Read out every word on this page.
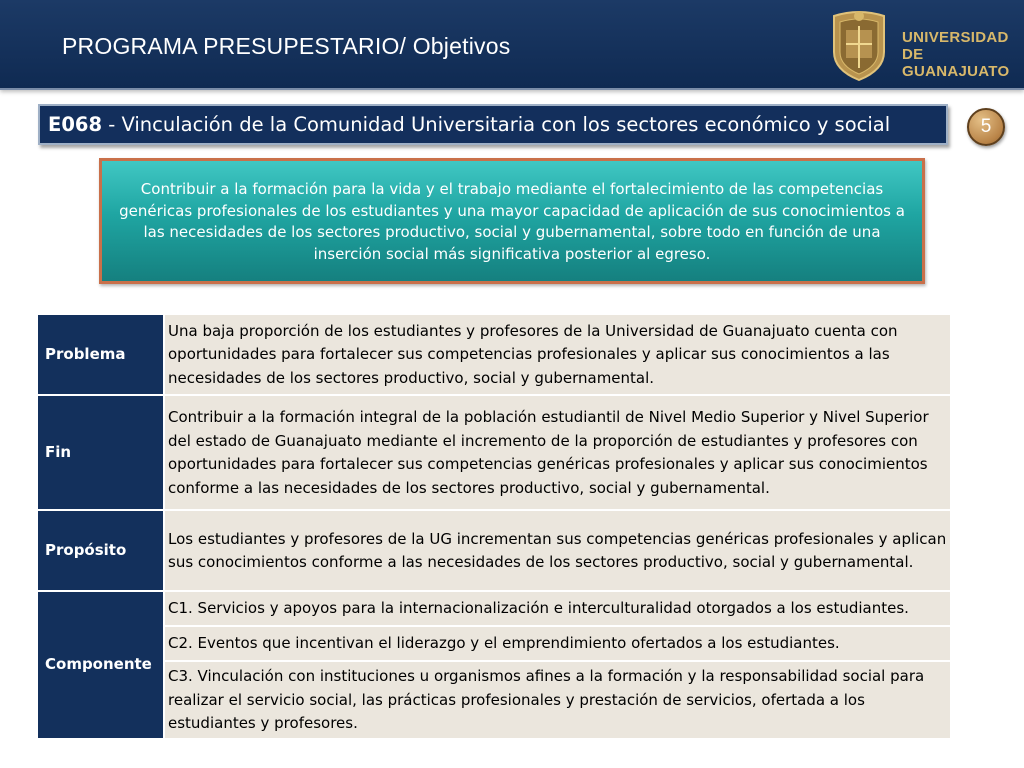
PROGRAMA PRESUPESTARIO/ Objetivos	UNIVERSIDAD DE
GUANAJUATO
E068 - Vinculación de la Comunidad Universitaria con los sectores económico y social	5
Contribuir a la formación para la vida y el trabajo mediante el fortalecimiento de las competencias genéricas profesionales de los estudiantes y una mayor capacidad de aplicación de sus conocimientos a las necesidades de los sectores productivo, social y gubernamental, sobre todo en función de una inserción social más significativa posterior al egreso.
Problema	Una baja proporción de los estudiantes y profesores de la Universidad de Guanajuato cuenta con oportunidades para fortalecer sus competencias profesionales y aplicar sus conocimientos a las necesidades de los sectores productivo, social y gubernamental.
Fin	Contribuir a la formación integral de la población estudiantil de Nivel Medio Superior y Nivel Superior del estado de Guanajuato mediante el incremento de la proporción de estudiantes y profesores con oportunidades para fortalecer sus competencias genéricas profesionales y aplicar sus conocimientos conforme a las necesidades de los sectores productivo, social y gubernamental.
Propósito	Los estudiantes y profesores de la UG incrementan sus competencias genéricas profesionales y aplican sus conocimientos conforme a las necesidades de los sectores productivo, social y gubernamental.
Componente	C1. Servicios y apoyos para la internacionalización e interculturalidad otorgados a los estudiantes.
	C2. Eventos que incentivan el liderazgo y el emprendimiento ofertados a los estudiantes.
	C3. Vinculación con instituciones u organismos afines a la formación y la responsabilidad social para realizar el servicio social, las prácticas profesionales y prestación de servicios, ofertada a los estudiantes y profesores.
